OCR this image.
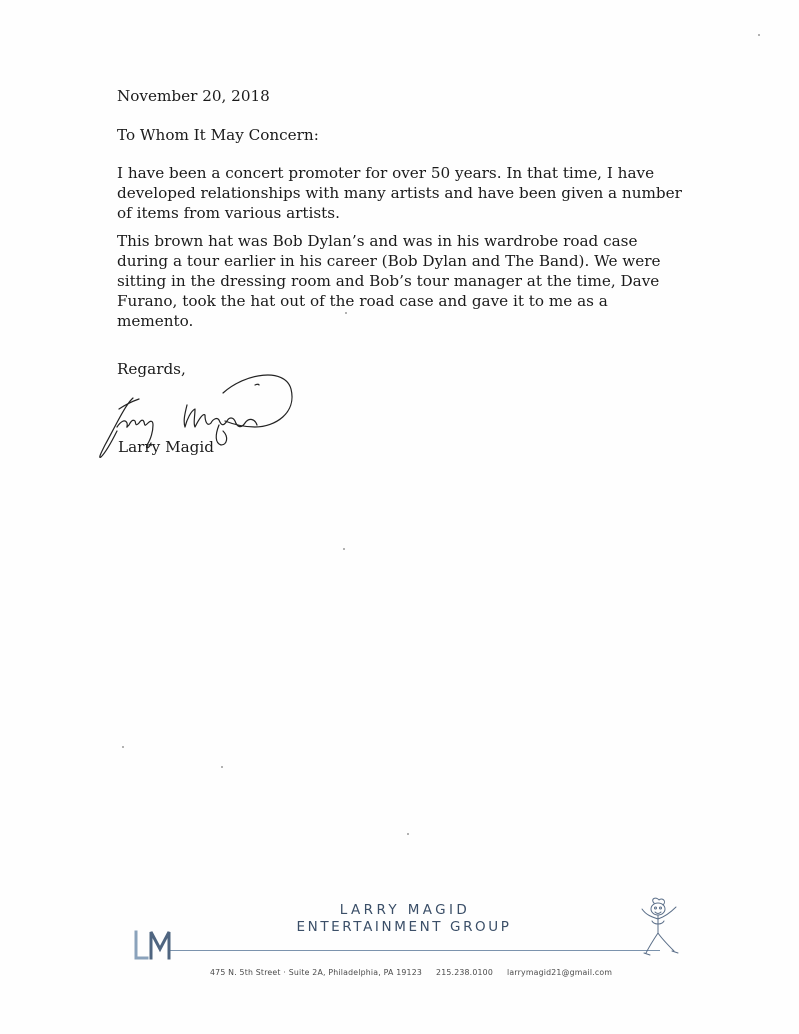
November 20, 2018

To Whom It May Concern:

I have been a concert promoter for over 50 years. In that time, I have developed relationships with many artists and have been given a number of items from various artists.

This brown hat was Bob Dylan’s and was in his wardrobe road case during a tour earlier in his career (Bob Dylan and The Band). We were sitting in the dressing room and Bob’s tour manager at the time, Dave Furano, took the hat out of the road case and gave it to me as a memento.

Regards,

Larry Magid
LARRY MAGID
ENTERTAINMENT GROUP
475 N. 5th Street · Suite 2A, Philadelphia, PA 19123 215.238.0100 larrymagid21@gmail.com
